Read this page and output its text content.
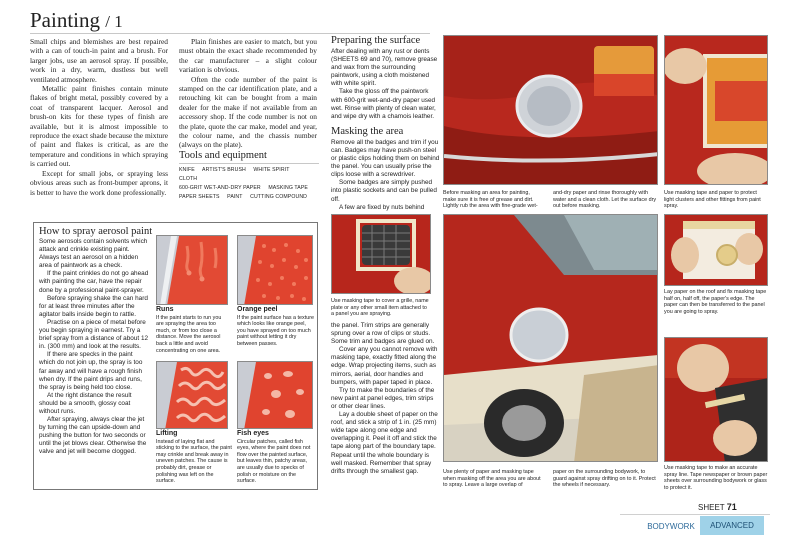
Painting / 1

Small chips and blemishes are best repaired with a can of touch-in paint and a brush. For larger jobs, use an aerosol spray. If possible, work in a dry, warm, dustless but well ventilated atmosphere.

Metallic paint finishes contain minute flakes of bright metal, possibly covered by a coat of transparent lacquer. Aerosol and brush-on kits for these types of finish are available, but it is almost impossible to reproduce the exact shade because the mixture of paint and flakes is critical, as are the temperature and conditions in which spraying is carried out.

Except for small jobs, or spraying less obvious areas such as front-bumper aprons, it is better to have the work done professionally.

Plain finishes are easier to match, but you must obtain the exact shade recommended by the car manufacturer – a slight colour variation is obvious.

Often the code number of the paint is stamped on the car identification plate, and a retouching kit can be bought from a main dealer for the make if not available from an accessory shop. If the code number is not on the plate, quote the car make, model and year, the colour name, and the chassis number (always on the plate).

Tools and equipment
KNIFE ARTIST'S BRUSH WHITE SPIRIT CLOTH
600-GRIT WET-AND-DRY PAPER MASKING TAPE
PAPER SHEETS PAINT CUTTING COMPOUND
How to spray aerosol paint

Some aerosols contain solvents which attack and crinkle existing paint. Always test an aerosol on a hidden area of paintwork as a check.

If the paint crinkles do not go ahead with painting the car, have the repair done by a professional paint-sprayer.

Before spraying shake the can hard for at least three minutes after the agitator balls inside begin to rattle.

Practise on a piece of metal before you begin spraying in earnest. Try a brief spray from a distance of about 12 in. (300 mm) and look at the results.

If there are specks in the paint which do not join up, the spray is too far away and will have a rough finish when dry. If the paint drips and runs, the spray is being held too close.

At the right distance the result should be a smooth, glossy coat without runs.

After spraying, always clear the jet by turning the can upside-down and pushing the button for two seconds or until the jet blows clear. Otherwise the valve and jet will become clogged.

Runs
If the paint starts to run you are spraying the area too much, or from too close a distance. Move the aerosol back a little and avoid concentrating on one area.
Orange peel
If the paint surface has a texture which looks like orange peel, you have sprayed on too much paint without letting it dry between passes.
Lifting
Instead of laying flat and sticking to the surface, the paint may crinkle and break away in uneven patches. The cause is probably dirt, grease or polishing wax left on the surface.
Fish eyes
Circular patches, called fish eyes, where the paint does not flow over the painted surface, but leaves thin, patchy areas, are usually due to specks of polish or moisture on the surface.
Preparing the surface

After dealing with any rust or dents (SHEETS 69 and 70), remove grease and wax from the surrounding paintwork, using a cloth moistened with white spirit.

Take the gloss off the paintwork with 600-grit wet-and-dry paper used wet. Rinse with plenty of clean water, and wipe dry with a chamois leather.

Masking the area

Remove all the badges and trim if you can. Badges may have push-on steel or plastic clips holding them on behind the panel. You can usually prise the clips loose with a screwdriver.

Some badges are simply pushed into plastic sockets and can be pulled off.

A few are fixed by nuts behind

Before masking an area for painting, make sure it is free of grease and dirt. Lightly rub the area with fine-grade wet-
and-dry paper and rinse thoroughly with water and a clean cloth. Let the surface dry out before masking.
Use masking tape and paper to protect light clusters and other fittings from paint spray.
Use masking tape to cover a grille, name plate or any other small item attached to a panel you are spraying.

the panel. Trim strips are generally sprung over a row of clips or studs. Some trim and badges are glued on.

Cover any you cannot remove with masking tape, exactly fitted along the edge. Wrap projecting items, such as mirrors, aerial, door handles and bumpers, with paper taped in place.

Try to make the boundaries of the new paint at panel edges, trim strips or other clear lines.

Lay a double sheet of paper on the roof, and stick a strip of 1 in. (25 mm) wide tape along one edge and overlapping it. Peel it off and stick the tape along part of the boundary tape. Repeat until the whole boundary is well masked. Remember that spray drifts through the smallest gap.	Use plenty of paper and masking tape when masking off the area you are about to spray. Leave a large overlap of
paper on the surrounding bodywork, to guard against spray drifting on to it. Protect the wheels if necessary.
Lay paper on the roof and fix masking tape half on, half off, the paper's edge. The paper can then be transferred to the panel you are going to spray.
Use masking tape to make an accurate spray line. Tape newspaper or brown paper sheets over surrounding bodywork or glass to protect it.
SHEET 71
BODYWORK	ADVANCED
